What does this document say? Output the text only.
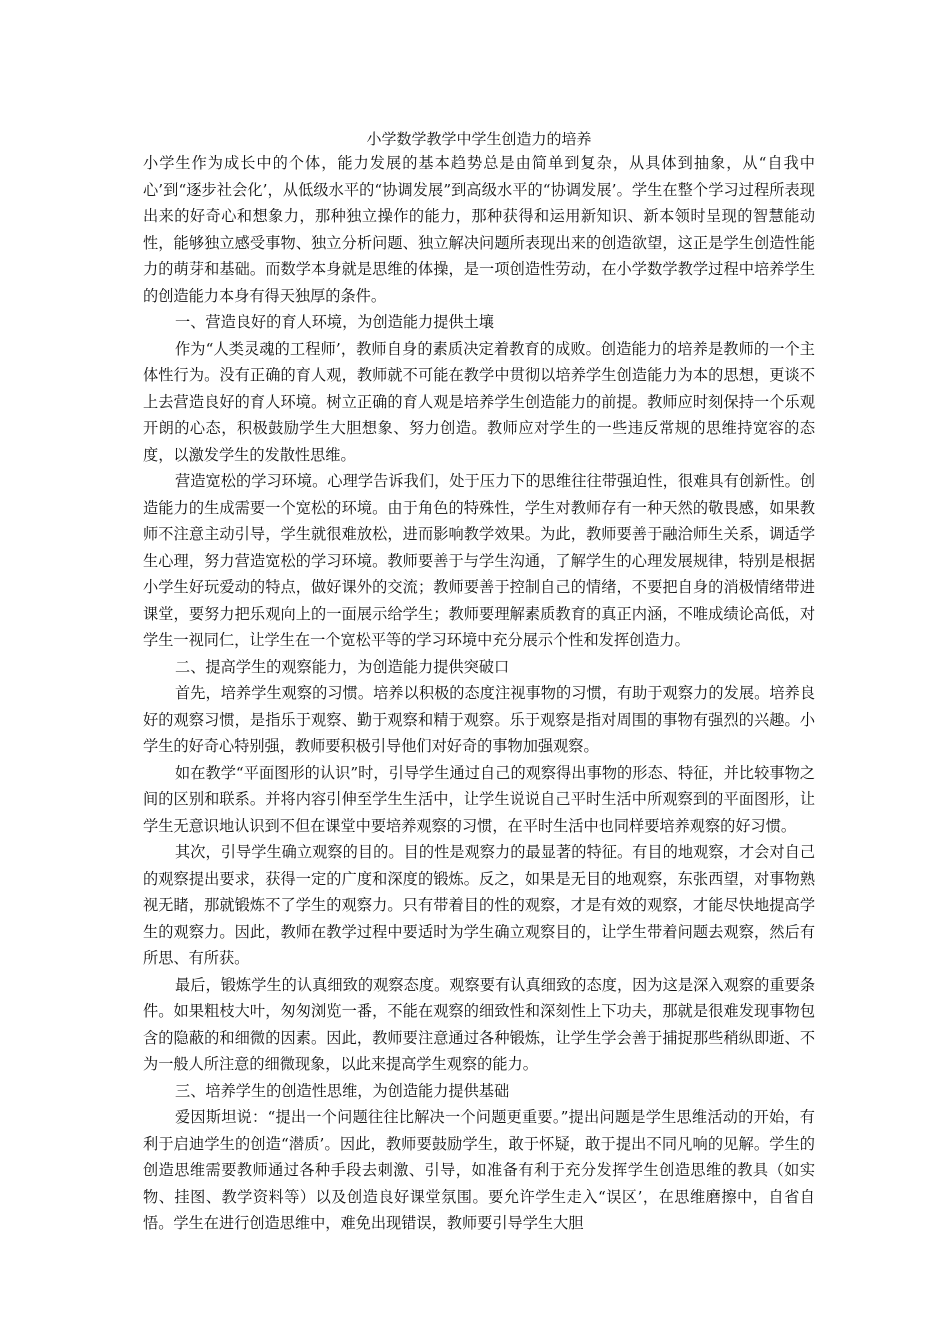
小学数学教学中学生创造力的培养

小学生作为成长中的个体，能力发展的基本趋势总是由简单到复杂，从具体到抽象，从“自我中心’到“逐步社会化’，从低级水平的“协调发展”到高级水平的“协调发展’。学生在整个学习过程所表现出来的好奇心和想象力，那种独立操作的能力，那种获得和运用新知识、新本领时呈现的智慧能动性，能够独立感受事物、独立分析问题、独立解决问题所表现出来的创造欲望，这正是学生创造性能力的萌芽和基础。而数学本身就是思维的体操，是一项创造性劳动，在小学数学教学过程中培养学生的创造能力本身有得天独厚的条件。

一、营造良好的育人环境，为创造能力提供土壤

作为“人类灵魂的工程师’，教师自身的素质决定着教育的成败。创造能力的培养是教师的一个主体性行为。没有正确的育人观，教师就不可能在教学中贯彻以培养学生创造能力为本的思想，更谈不上去营造良好的育人环境。树立正确的育人观是培养学生创造能力的前提。教师应时刻保持一个乐观开朗的心态，积极鼓励学生大胆想象、努力创造。教师应对学生的一些违反常规的思维持宽容的态度，以激发学生的发散性思维。

营造宽松的学习环境。心理学告诉我们，处于压力下的思维往往带强迫性，很难具有创新性。创造能力的生成需要一个宽松的环境。由于角色的特殊性，学生对教师存有一种天然的敬畏感，如果教师不注意主动引导，学生就很难放松，进而影响教学效果。为此，教师要善于融洽师生关系，调适学生心理，努力营造宽松的学习环境。教师要善于与学生沟通，了解学生的心理发展规律，特别是根据小学生好玩爱动的特点，做好课外的交流；教师要善于控制自己的情绪，不要把自身的消极情绪带进课堂，要努力把乐观向上的一面展示给学生；教师要理解素质教育的真正内涵，不唯成绩论高低，对学生一视同仁，让学生在一个宽松平等的学习环境中充分展示个性和发挥创造力。

二、提高学生的观察能力，为创造能力提供突破口

首先，培养学生观察的习惯。培养以积极的态度注视事物的习惯，有助于观察力的发展。培养良好的观察习惯，是指乐于观察、勤于观察和精于观察。乐于观察是指对周围的事物有强烈的兴趣。小学生的好奇心特别强，教师要积极引导他们对好奇的事物加强观察。

如在教学“平面图形的认识”时，引导学生通过自己的观察得出事物的形态、特征，并比较事物之间的区别和联系。并将内容引伸至学生生活中，让学生说说自己平时生活中所观察到的平面图形，让学生无意识地认识到不但在课堂中要培养观察的习惯，在平时生活中也同样要培养观察的好习惯。

其次，引导学生确立观察的目的。目的性是观察力的最显著的特征。有目的地观察，才会对自己的观察提出要求，获得一定的广度和深度的锻炼。反之，如果是无目的地观察，东张西望，对事物熟视无睹，那就锻炼不了学生的观察力。只有带着目的性的观察，才是有效的观察，才能尽快地提高学生的观察力。因此，教师在教学过程中要适时为学生确立观察目的，让学生带着问题去观察，然后有所思、有所获。

最后，锻炼学生的认真细致的观察态度。观察要有认真细致的态度，因为这是深入观察的重要条件。如果粗枝大叶，匆匆浏览一番，不能在观察的细致性和深刻性上下功夫，那就是很难发现事物包含的隐蔽的和细微的因素。因此，教师要注意通过各种锻炼，让学生学会善于捕捉那些稍纵即逝、不为一般人所注意的细微现象，以此来提高学生观察的能力。

三、培养学生的创造性思维，为创造能力提供基础

爱因斯坦说：“提出一个问题往往比解决一个问题更重要。”提出问题是学生思维活动的开始，有利于启迪学生的创造“潜质’。因此，教师要鼓励学生，敢于怀疑，敢于提出不同凡响的见解。学生的创造思维需要教师通过各种手段去刺激、引导，如准备有利于充分发挥学生创造思维的教具（如实物、挂图、教学资料等）以及创造良好课堂氛围。要允许学生走入“误区’，在思维磨擦中，自省自悟。学生在进行创造思维中，难免出现错误，教师要引导学生大胆
